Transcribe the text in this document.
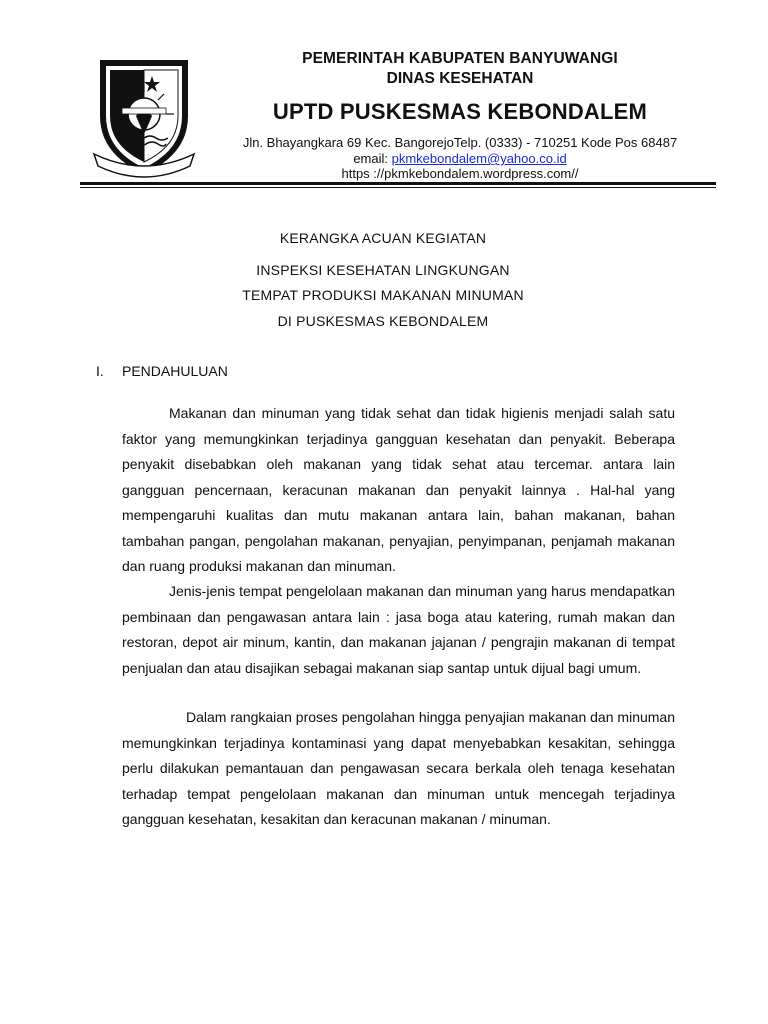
PEMERINTAH KABUPATEN BANYUWANGI
DINAS KESEHATAN
UPTD PUSKESMAS KEBONDALEM
Jln. Bhayangkara 69 Kec. BangorejoTelp. (0333) - 710251 Kode Pos 68487
email: pkmkebondalem@yahoo.co.id
https ://pkmkebondalem.wordpress.com//
KERANGKA ACUAN KEGIATAN
INSPEKSI KESEHATAN LINGKUNGAN
TEMPAT PRODUKSI MAKANAN MINUMAN
DI PUSKESMAS KEBONDALEM
I. PENDAHULUAN

Makanan dan minuman yang tidak sehat dan tidak higienis menjadi salah satu faktor yang memungkinkan terjadinya gangguan kesehatan dan penyakit. Beberapa penyakit disebabkan oleh makanan yang tidak sehat atau tercemar. antara lain gangguan pencernaan, keracunan makanan dan penyakit lainnya . Hal-hal yang mempengaruhi kualitas dan mutu makanan antara lain, bahan makanan, bahan tambahan pangan, pengolahan makanan, penyajian, penyimpanan, penjamah makanan dan ruang produksi makanan dan minuman.

Jenis-jenis tempat pengelolaan makanan dan minuman yang harus mendapatkan pembinaan dan pengawasan antara lain : jasa boga atau katering, rumah makan dan restoran, depot air minum, kantin, dan makanan jajanan / pengrajin makanan di tempat penjualan dan atau disajikan sebagai makanan siap santap untuk dijual bagi umum.

Dalam rangkaian proses pengolahan hingga penyajian makanan dan minuman memungkinkan terjadinya kontaminasi yang dapat menyebabkan kesakitan, sehingga perlu dilakukan pemantauan dan pengawasan secara berkala oleh tenaga kesehatan terhadap tempat pengelolaan makanan dan minuman untuk mencegah terjadinya gangguan kesehatan, kesakitan dan keracunan makanan / minuman.
